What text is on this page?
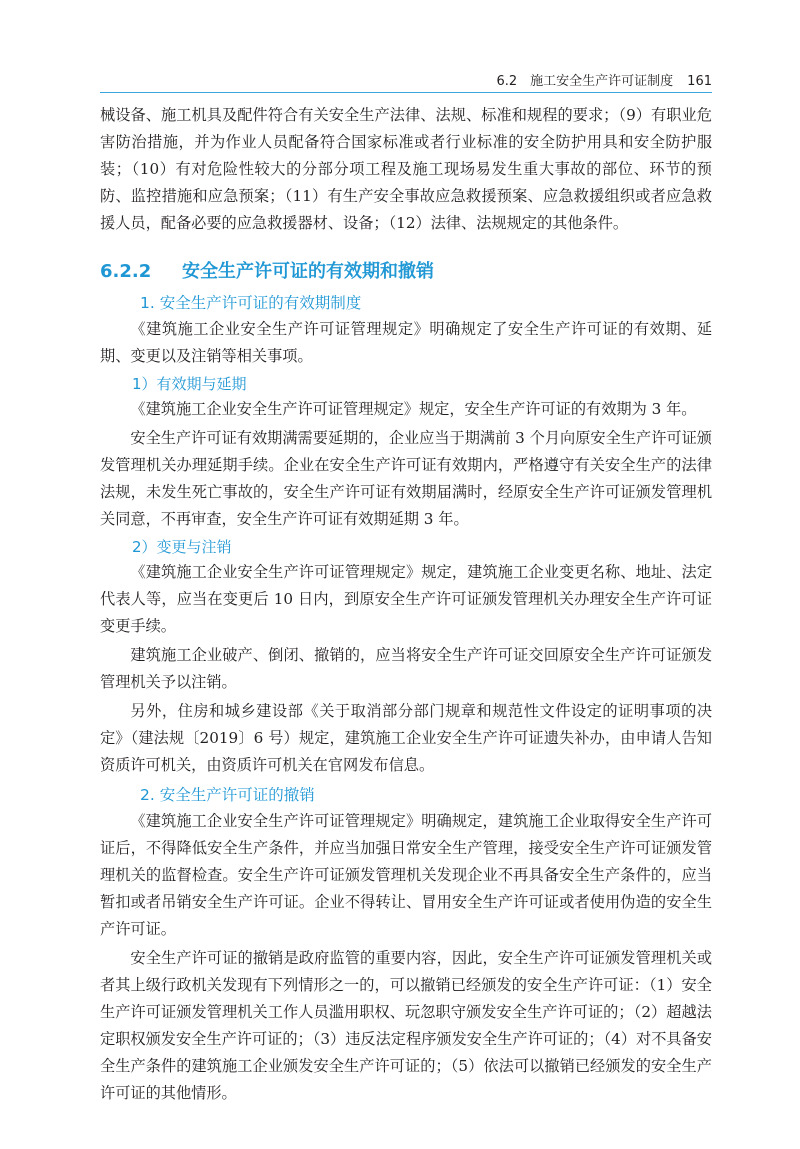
6.2　施工安全生产许可证制度 161

械设备、施工机具及配件符合有关安全生产法律、法规、标准和规程的要求；（9）有职业危害防治措施，并为作业人员配备符合国家标准或者行业标准的安全防护用具和安全防护服装；（10）有对危险性较大的分部分项工程及施工现场易发生重大事故的部位、环节的预防、监控措施和应急预案；（11）有生产安全事故应急救援预案、应急救援组织或者应急救援人员，配备必要的应急救援器材、设备；（12）法律、法规规定的其他条件。

6.2.2 安全生产许可证的有效期和撤销
1. 安全生产许可证的有效期制度

《建筑施工企业安全生产许可证管理规定》明确规定了安全生产许可证的有效期、延期、变更以及注销等相关事项。

1）有效期与延期

《建筑施工企业安全生产许可证管理规定》规定，安全生产许可证的有效期为 3 年。

安全生产许可证有效期满需要延期的，企业应当于期满前 3 个月向原安全生产许可证颁发管理机关办理延期手续。企业在安全生产许可证有效期内，严格遵守有关安全生产的法律法规，未发生死亡事故的，安全生产许可证有效期届满时，经原安全生产许可证颁发管理机关同意，不再审查，安全生产许可证有效期延期 3 年。

2）变更与注销

《建筑施工企业安全生产许可证管理规定》规定，建筑施工企业变更名称、地址、法定代表人等，应当在变更后 10 日内，到原安全生产许可证颁发管理机关办理安全生产许可证变更手续。

建筑施工企业破产、倒闭、撤销的，应当将安全生产许可证交回原安全生产许可证颁发管理机关予以注销。

另外，住房和城乡建设部《关于取消部分部门规章和规范性文件设定的证明事项的决定》（建法规〔2019〕6 号）规定，建筑施工企业安全生产许可证遗失补办，由申请人告知资质许可机关，由资质许可机关在官网发布信息。

2. 安全生产许可证的撤销

《建筑施工企业安全生产许可证管理规定》明确规定，建筑施工企业取得安全生产许可证后，不得降低安全生产条件，并应当加强日常安全生产管理，接受安全生产许可证颁发管理机关的监督检查。安全生产许可证颁发管理机关发现企业不再具备安全生产条件的，应当暂扣或者吊销安全生产许可证。企业不得转让、冒用安全生产许可证或者使用伪造的安全生产许可证。

安全生产许可证的撤销是政府监管的重要内容，因此，安全生产许可证颁发管理机关或者其上级行政机关发现有下列情形之一的，可以撤销已经颁发的安全生产许可证：（1）安全生产许可证颁发管理机关工作人员滥用职权、玩忽职守颁发安全生产许可证的；（2）超越法定职权颁发安全生产许可证的；（3）违反法定程序颁发安全生产许可证的；（4）对不具备安全生产条件的建筑施工企业颁发安全生产许可证的；（5）依法可以撤销已经颁发的安全生产许可证的其他情形。
